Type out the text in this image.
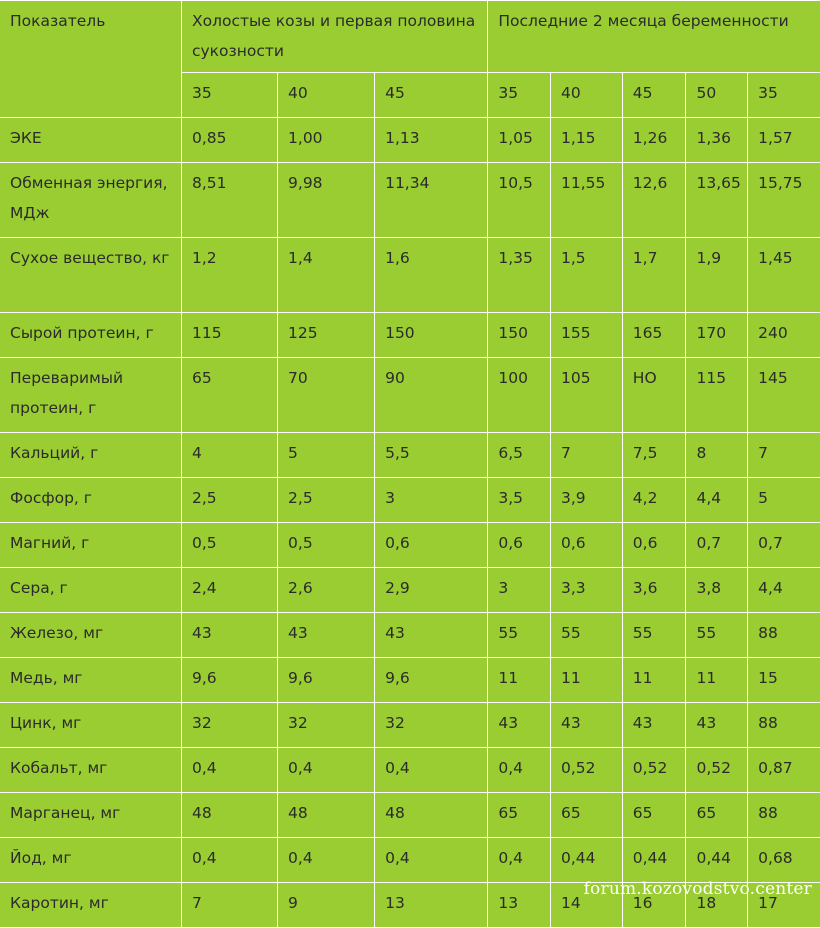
Показатель	Холостые козы и первая половина сукозности			Последние 2 месяца беременности				

	35	40	45	35	40	45	50	35

ЭКЕ	0,85	1,00	1,13	1,05	1,15	1,26	1,36	1,57

Обменная энергия, МДж	8,51	9,98	11,34	10,5	11,55	12,6	13,65	15,75

Сухое вещество, кг	1,2	1,4	1,6	1,35	1,5	1,7	1,9	1,45

Сырой протеин, г	115	125	150	150	155	165	170	240

Переваримый протеин, г	65	70	90	100	105	НО	115	145

Кальций, г	4	5	5,5	6,5	7	7,5	8	7

Фосфор, г	2,5	2,5	3	3,5	3,9	4,2	4,4	5

Магний, г	0,5	0,5	0,6	0,6	0,6	0,6	0,7	0,7

Сера, г	2,4	2,6	2,9	3	3,3	3,6	3,8	4,4

Железо, мг	43	43	43	55	55	55	55	88

Медь, мг	9,6	9,6	9,6	11	11	11	11	15

Цинк, мг	32	32	32	43	43	43	43	88

Кобальт, мг	0,4	0,4	0,4	0,4	0,52	0,52	0,52	0,87

Марганец, мг	48	48	48	65	65	65	65	88

Йод, мг	0,4	0,4	0,4	0,4	0,44	0,44	0,44	0,68

Каротин, мг	7	9	13	13	14	16	18	17
forum.kozovodstvo.center
